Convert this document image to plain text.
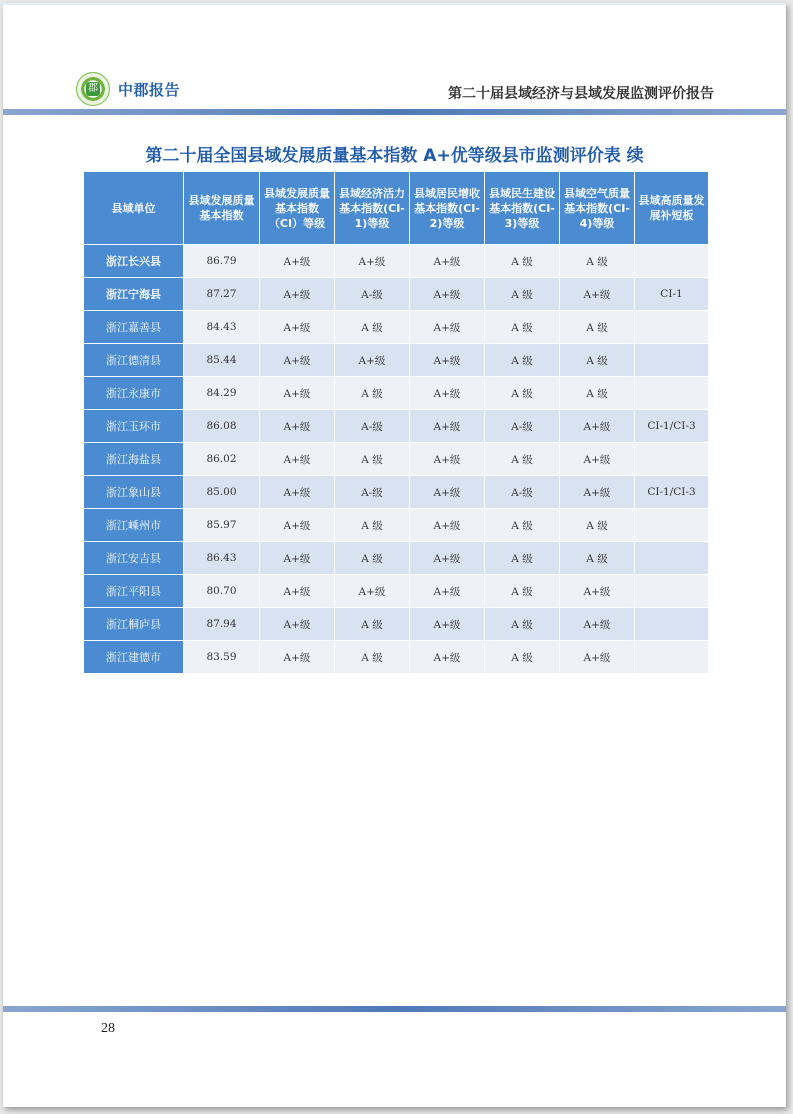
郡 中郡报告	第二十届县域经济与县域发展监测评价报告
第二十届全国县域发展质量基本指数 A+优等级县市监测评价表 续
县域单位	县域发展质量基本指数	县域发展质量基本指数（CI）等级	县域经济活力基本指数(CI-1)等级	县域居民增收基本指数(CI-2)等级	县域民生建设基本指数(CI-3)等级	县域空气质量基本指数(CI-4)等级	县域高质量发展补短板
浙江长兴县	86.79	A+级	A+级	A+级	A 级	A 级	
浙江宁海县	87.27	A+级	A-级	A+级	A 级	A+级	CI-1
浙江嘉善县	84.43	A+级	A 级	A+级	A 级	A 级	
浙江德清县	85.44	A+级	A+级	A+级	A 级	A 级	
浙江永康市	84.29	A+级	A 级	A+级	A 级	A 级	
浙江玉环市	86.08	A+级	A-级	A+级	A-级	A+级	CI-1/CI-3
浙江海盐县	86.02	A+级	A 级	A+级	A 级	A+级	
浙江象山县	85.00	A+级	A-级	A+级	A-级	A+级	CI-1/CI-3
浙江嵊州市	85.97	A+级	A 级	A+级	A 级	A 级	
浙江安吉县	86.43	A+级	A 级	A+级	A 级	A 级	
浙江平阳县	80.70	A+级	A+级	A+级	A 级	A+级	
浙江桐庐县	87.94	A+级	A 级	A+级	A 级	A+级	
浙江建德市	83.59	A+级	A 级	A+级	A 级	A+级	
28
